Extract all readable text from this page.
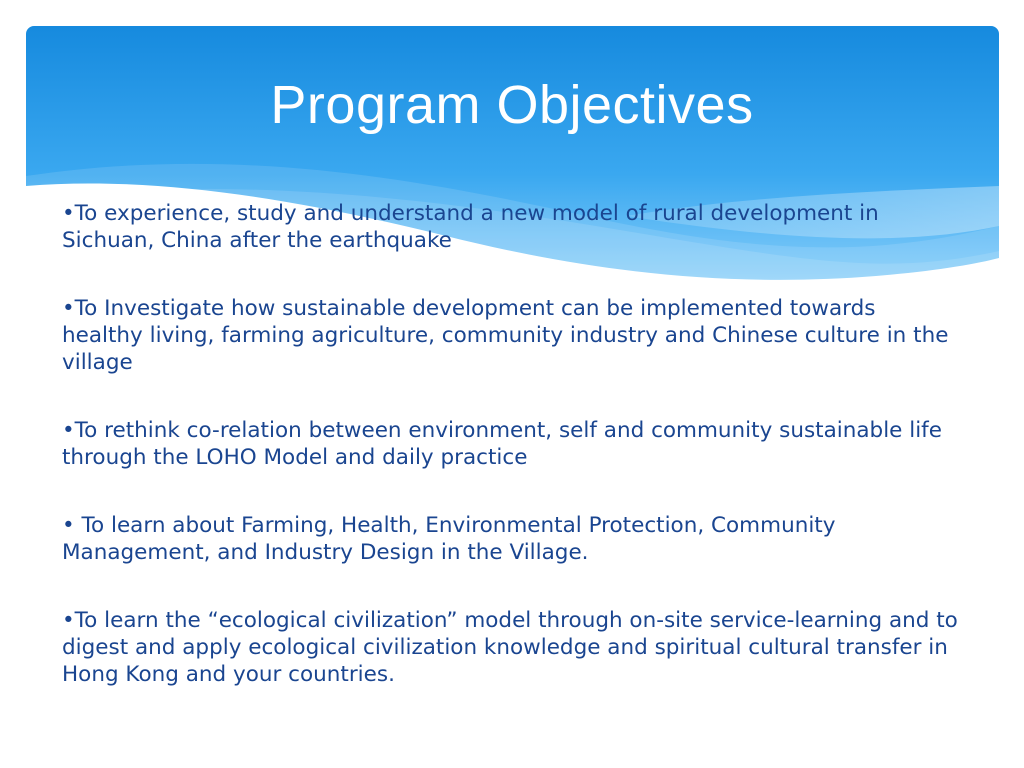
Program Objectives
•To experience, study and understand a new model of rural development in Sichuan, China after the earthquake
•To Investigate how sustainable development can be implemented towards healthy living, farming agriculture, community industry and Chinese culture in the village
•To rethink co-relation between environment, self and community sustainable life through the LOHO Model and daily practice
• To learn about Farming, Health, Environmental Protection, Community Management, and Industry Design in the Village.
•To learn the “ecological civilization” model through on-site service-learning and to digest and apply ecological civilization knowledge and spiritual cultural transfer in Hong Kong and your countries.
